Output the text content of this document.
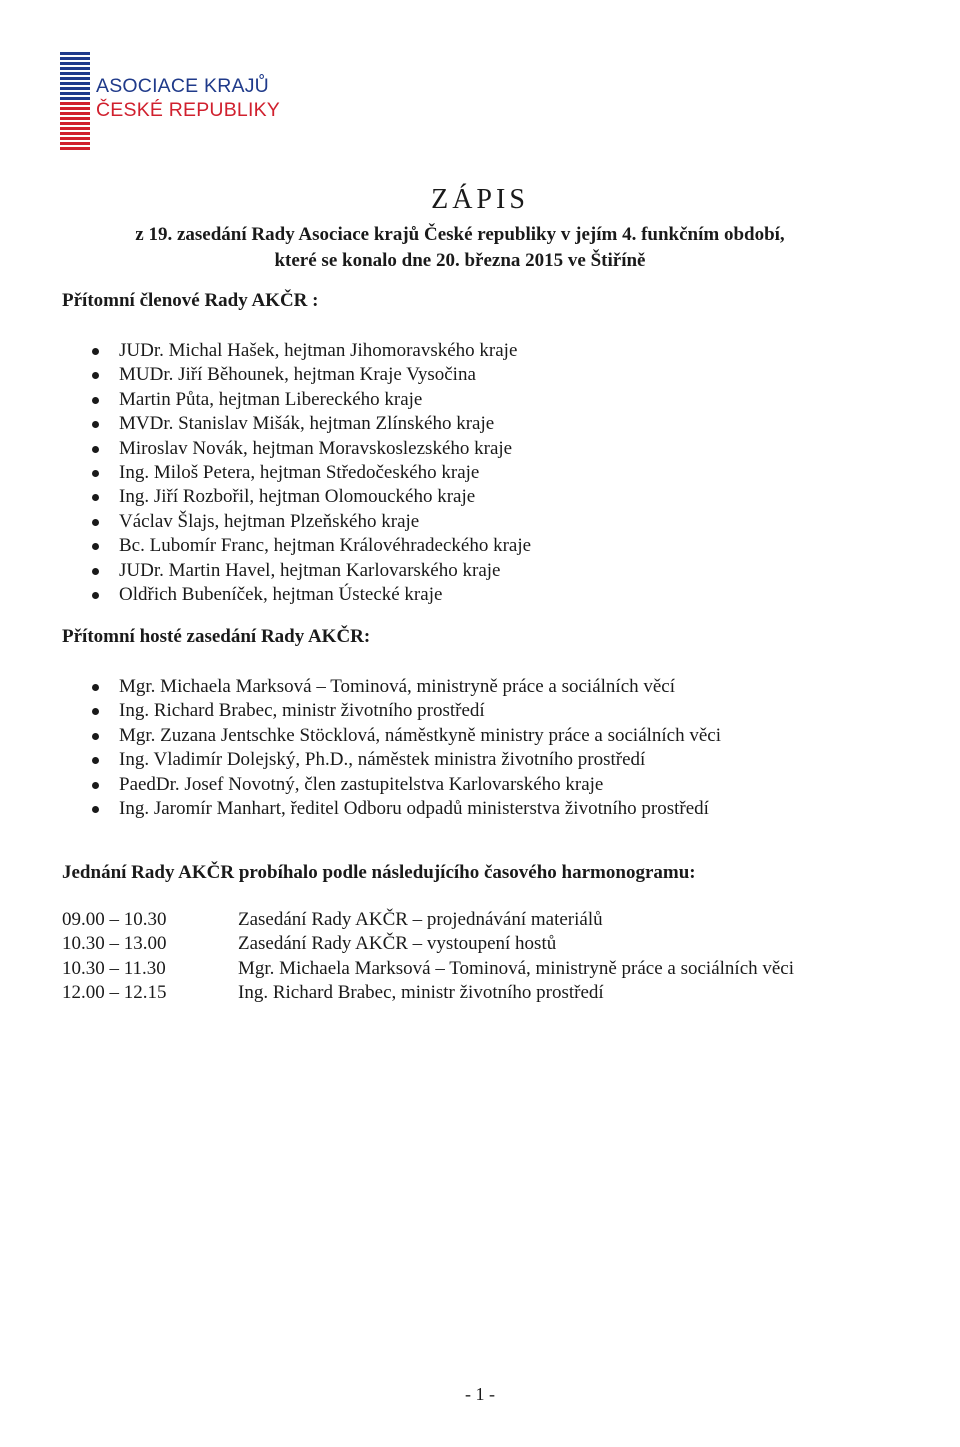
ASOCIACE KRAJŮ
ČESKÉ REPUBLIKY
ZÁPIS
z 19. zasedání Rady Asociace krajů České republiky v jejím 4. funkčním období,
které se konalo dne 20. března 2015 ve Štiříně
Přítomní členové Rady AKČR :
JUDr. Michal Hašek, hejtman Jihomoravského kraje
MUDr. Jiří Běhounek, hejtman Kraje Vysočina
Martin Půta, hejtman Libereckého kraje
MVDr. Stanislav Mišák, hejtman Zlínského kraje
Miroslav Novák, hejtman Moravskoslezského kraje
Ing. Miloš Petera, hejtman Středočeského kraje
Ing. Jiří Rozbořil, hejtman Olomouckého kraje
Václav Šlajs, hejtman Plzeňského kraje
Bc. Lubomír Franc, hejtman Královéhradeckého kraje
JUDr. Martin Havel, hejtman Karlovarského kraje
Oldřich Bubeníček, hejtman Ústecké kraje
Přítomní hosté zasedání Rady AKČR:
Mgr. Michaela Marksová – Tominová, ministryně práce a sociálních věcí
Ing. Richard Brabec, ministr životního prostředí
Mgr. Zuzana Jentschke Stöcklová, náměstkyně ministry práce a sociálních věci
Ing. Vladimír Dolejský, Ph.D., náměstek ministra životního prostředí
PaedDr. Josef Novotný, člen zastupitelstva Karlovarského kraje
Ing. Jaromír Manhart, ředitel Odboru odpadů ministerstva životního prostředí
Jednání Rady AKČR probíhalo podle následujícího časového harmonogramu:
09.00 – 10.30	Zasedání Rady AKČR – projednávání materiálů
10.30 – 13.00	Zasedání Rady AKČR – vystoupení hostů
10.30 – 11.30	Mgr. Michaela Marksová – Tominová, ministryně práce a sociálních věci
12.00 – 12.15	Ing. Richard Brabec, ministr životního prostředí
- 1 -
